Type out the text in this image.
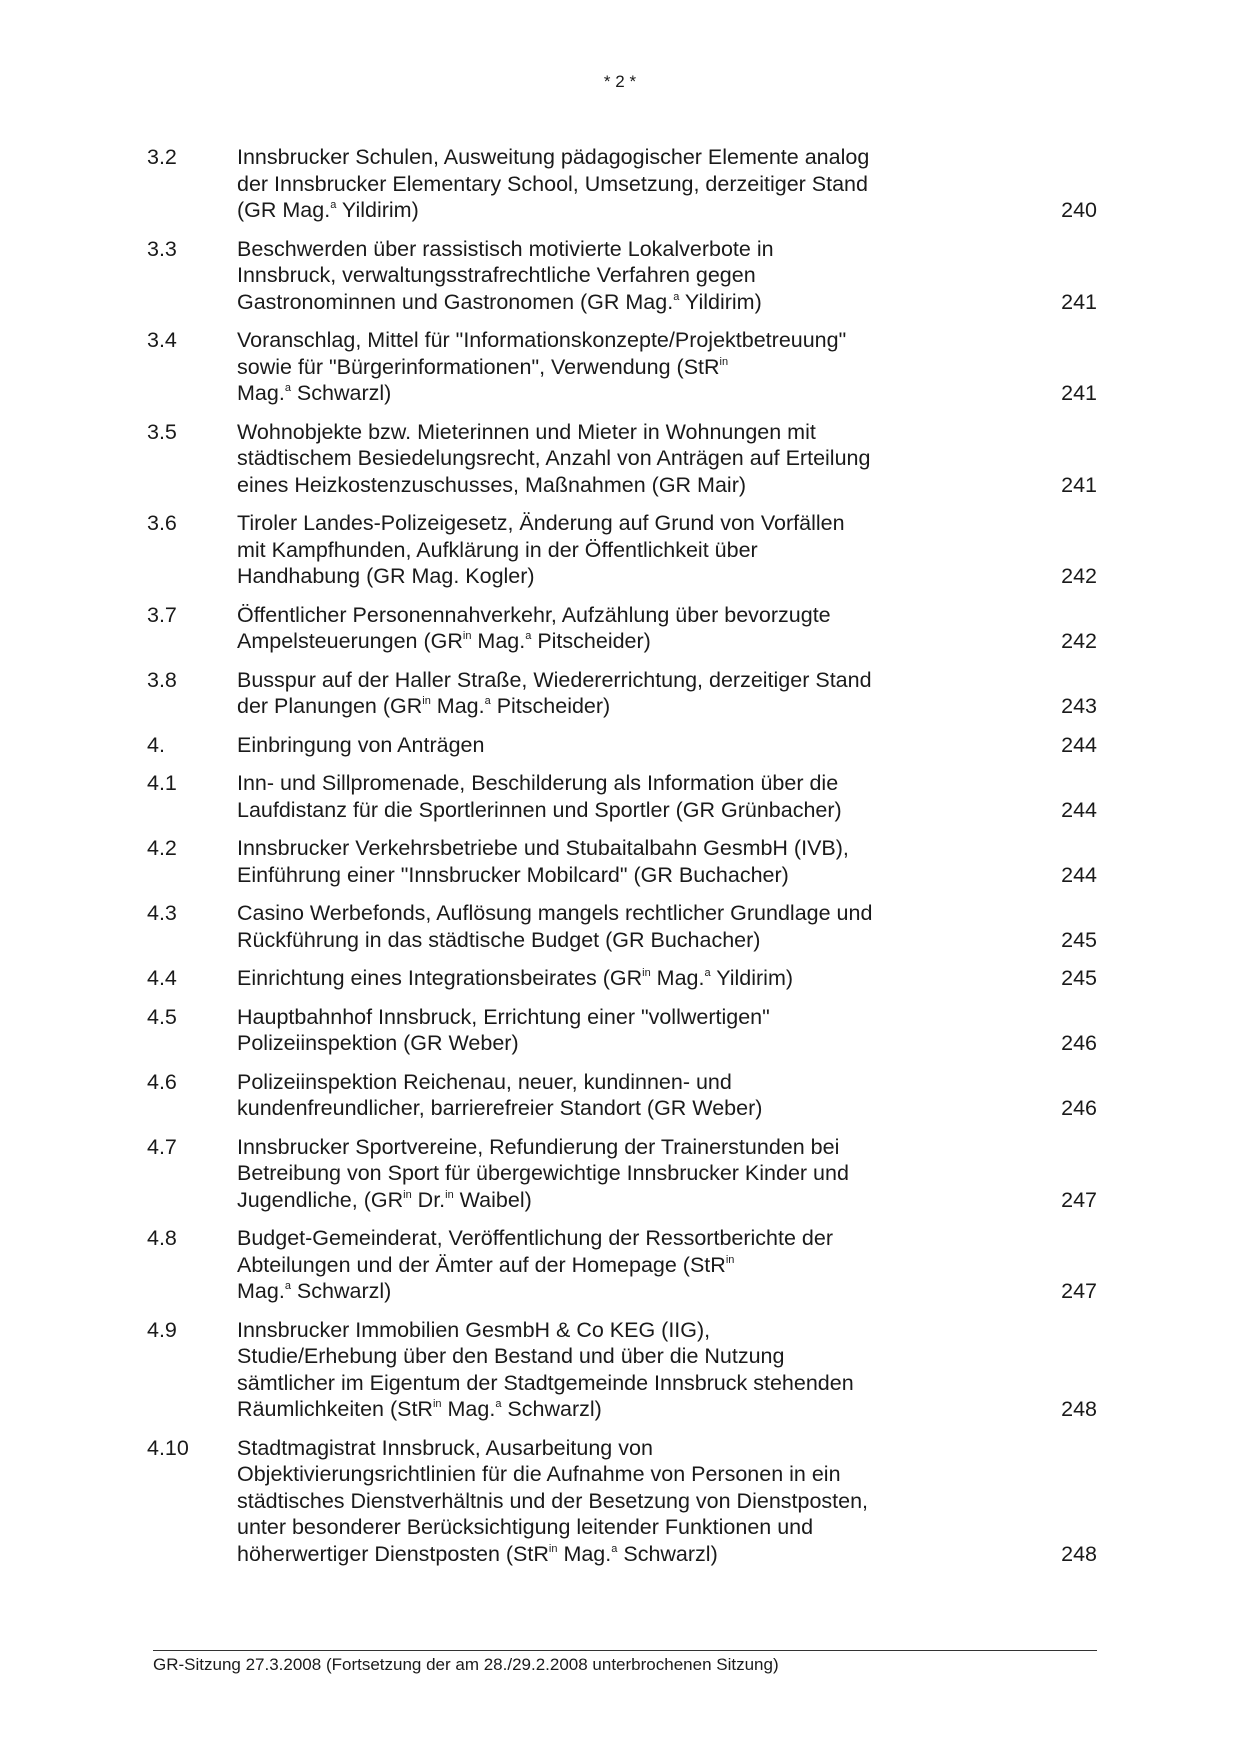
* 2 *
3.2	Innsbrucker Schulen, Ausweitung pädagogischer Elemente analog
der Innsbrucker Elementary School, Umsetzung, derzeitiger Stand
(GR Mag.$^a$ Yildirim)	240
3.3	Beschwerden über rassistisch motivierte Lokalverbote in
Innsbruck, verwaltungsstrafrechtliche Verfahren gegen
Gastronominnen und Gastronomen (GR Mag.$^a$ Yildirim)	241
3.4	Voranschlag, Mittel für "Informationskonzepte/Projektbetreuung"
sowie für "Bürgerinformationen", Verwendung (StR$^{in}$
Mag.$^a$ Schwarzl)	241
3.5	Wohnobjekte bzw. Mieterinnen und Mieter in Wohnungen mit
städtischem Besiedelungsrecht, Anzahl von Anträgen auf Erteilung
eines Heizkostenzuschusses, Maßnahmen (GR Mair)	241
3.6	Tiroler Landes-Polizeigesetz, Änderung auf Grund von Vorfällen
mit Kampfhunden, Aufklärung in der Öffentlichkeit über
Handhabung (GR Mag. Kogler)	242
3.7	Öffentlicher Personennahverkehr, Aufzählung über bevorzugte
Ampelsteuerungen ($GR^{in}$ Mag.$^a$ Pitscheider)	242
3.8	Busspur auf der Haller Straße, Wiedererrichtung, derzeitiger Stand
der Planungen ($GR^{in}$ Mag.$^a$ Pitscheider)	243
4.	Einbringung von Anträgen	244
4.1	Inn- und Sillpromenade, Beschilderung als Information über die
Laufdistanz für die Sportlerinnen und Sportler (GR Grünbacher)	244
4.2	Innsbrucker Verkehrsbetriebe und Stubaitalbahn GesmbH (IVB),
Einführung einer "Innsbrucker Mobilcard" (GR Buchacher)	244
4.3	Casino Werbefonds, Auflösung mangels rechtlicher Grundlage und
Rückführung in das städtische Budget (GR Buchacher)	245
4.4	Einrichtung eines Integrationsbeirates ($GR^{in}$ Mag.$^a$ Yildirim)	245
4.5	Hauptbahnhof Innsbruck, Errichtung einer "vollwertigen"
Polizeiinspektion (GR Weber)	246
4.6	Polizeiinspektion Reichenau, neuer, kundinnen- und
kundenfreundlicher, barrierefreier Standort (GR Weber)	246
4.7	Innsbrucker Sportvereine, Refundierung der Trainerstunden bei
Betreibung von Sport für übergewichtige Innsbrucker Kinder und
Jugendliche, ($GR^{in}$ Dr.$^{in}$ Waibel)	247
4.8	Budget-Gemeinderat, Veröffentlichung der Ressortberichte der
Abteilungen und der Ämter auf der Homepage (StR$^{in}$
Mag.$^a$ Schwarzl)	247
4.9	Innsbrucker Immobilien GesmbH & Co KEG (IIG),
Studie/Erhebung über den Bestand und über die Nutzung
sämtlicher im Eigentum der Stadtgemeinde Innsbruck stehenden
Räumlichkeiten (StR$^{in}$ Mag.$^a$ Schwarzl)	248
4.10	Stadtmagistrat Innsbruck, Ausarbeitung von
Objektivierungsrichtlinien für die Aufnahme von Personen in ein
städtisches Dienstverhältnis und der Besetzung von Dienstposten,
unter besonderer Berücksichtigung leitender Funktionen und
höherwertiger Dienstposten (StR$^{in}$ Mag.$^a$ Schwarzl)	248
GR-Sitzung 27.3.2008 (Fortsetzung der am 28./29.2.2008 unterbrochenen Sitzung)
